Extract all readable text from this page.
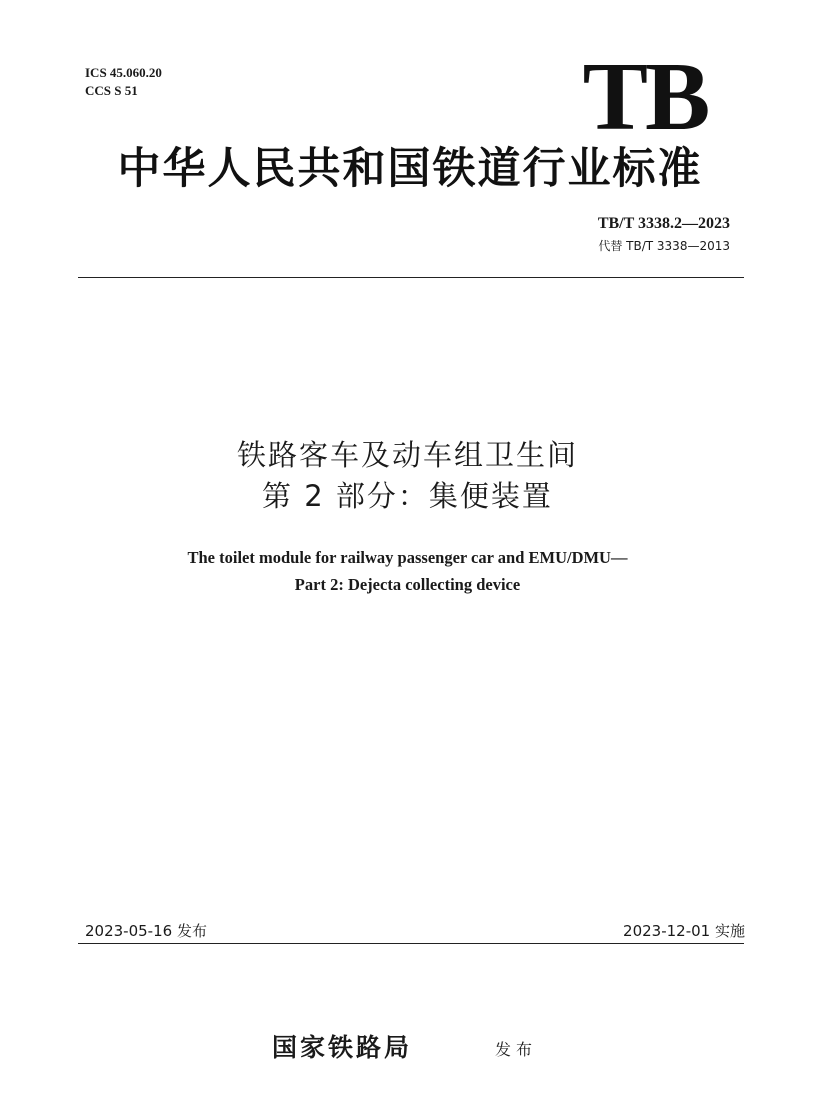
ICS 45.060.20
CCS S 51	TB
中华人民共和国铁道行业标准
TB/T 3338.2—2023
代替 TB/T 3338—2013
铁路客车及动车组卫生间
第 2 部分：集便装置
The toilet module for railway passenger car and EMU/DMU—
Part 2: Dejecta collecting device
2023-05-16 发布	2023-12-01 实施
国家铁路局	发布
